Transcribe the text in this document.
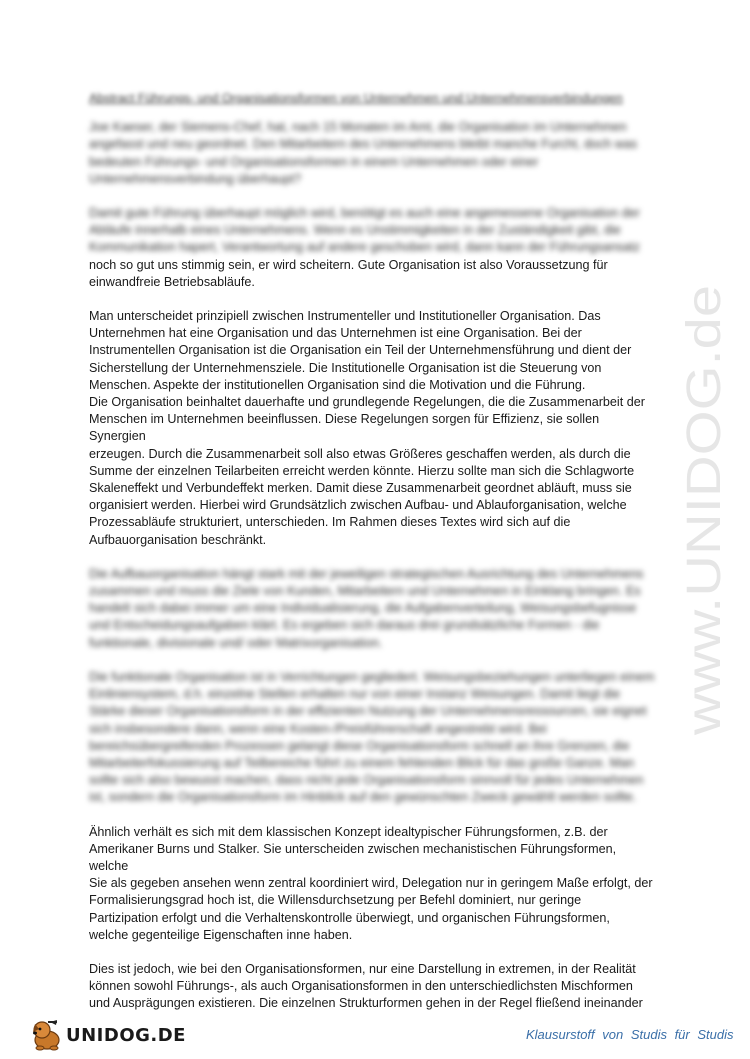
www.UNIDOG.de
Abstract Führungs- und Organisationsformen von Unternehmen und Unternehmensverbindungen

Joe Kaeser, der Siemens-Chef, hat, nach 15 Monaten im Amt, die Organisation im Unternehmen angefasst und neu geordnet. Den Mitarbeitern des Unternehmens bleibt manche Furcht, doch was bedeuten Führungs- und Organisationsformen in einem Unternehmen oder einer Unternehmensverbindung überhaupt?

Damit gute Führung überhaupt möglich wird, benötigt es auch eine angemessene Organisation der Abläufe innerhalb eines Unternehmens. Wenn es Unstimmigkeiten in der Zuständigkeit gibt, die Kommunikation hapert, Verantwortung auf andere geschoben wird, dann kann der Führungsansatz

noch so gut uns stimmig sein, er wird scheitern. Gute Organisation ist also Voraussetzung für

einwandfreie Betriebsabläufe.

Man unterscheidet prinzipiell zwischen Instrumenteller und Institutioneller Organisation. Das

Unternehmen hat eine Organisation und das Unternehmen ist eine Organisation. Bei der

Instrumentellen Organisation ist die Organisation ein Teil der Unternehmensführung und dient der

Sicherstellung der Unternehmensziele. Die Institutionelle Organisation ist die Steuerung von

Menschen. Aspekte der institutionellen Organisation sind die Motivation und die Führung.

Die Organisation beinhaltet dauerhafte und grundlegende Regelungen, die die Zusammenarbeit der

Menschen im Unternehmen beeinflussen. Diese Regelungen sorgen für Effizienz, sie sollen Synergien

erzeugen. Durch die Zusammenarbeit soll also etwas Größeres geschaffen werden, als durch die

Summe der einzelnen Teilarbeiten erreicht werden könnte. Hierzu sollte man sich die Schlagworte

Skaleneffekt und Verbundeffekt merken. Damit diese Zusammenarbeit geordnet abläuft, muss sie

organisiert werden. Hierbei wird Grundsätzlich zwischen Aufbau- und Ablauforganisation, welche

Prozessabläufe strukturiert, unterschieden. Im Rahmen dieses Textes wird sich auf die

Aufbauorganisation beschränkt.

Die Aufbauorganisation hängt stark mit der jeweiligen strategischen Ausrichtung des Unternehmens zusammen und muss die Ziele von Kunden, Mitarbeitern und Unternehmen in Einklang bringen. Es handelt sich dabei immer um eine Individualisierung, die Aufgabenverteilung, Weisungsbefugnisse und Entscheidungsaufgaben klärt. Es ergeben sich daraus drei grundsätzliche Formen - die funktionale, divisionale und/ oder Matrixorganisation.

Die funktionale Organisation ist in Verrichtungen gegliedert. Weisungsbeziehungen unterliegen einem Einliniensystem, d.h. einzelne Stellen erhalten nur von einer Instanz Weisungen. Damit liegt die Stärke dieser Organisationsform in der effizienten Nutzung der Unternehmensressourcen, sie eignet sich insbesondere dann, wenn eine Kosten-/Preisführerschaft angestrebt wird. Bei bereichsübergreifenden Prozessen gelangt diese Organisationsform schnell an ihre Grenzen, die Mitarbeiterfokussierung auf Teilbereiche führt zu einem fehlenden Blick für das große Ganze. Man sollte sich also bewusst machen, dass nicht jede Organisationsform sinnvoll für jedes Unternehmen ist, sondern die Organisationsform im Hinblick auf den gewünschten Zweck gewählt werden sollte.

Ähnlich verhält es sich mit dem klassischen Konzept idealtypischer Führungsformen, z.B. der

Amerikaner Burns und Stalker. Sie unterscheiden zwischen mechanistischen Führungsformen, welche

Sie als gegeben ansehen wenn zentral koordiniert wird, Delegation nur in geringem Maße erfolgt, der

Formalisierungsgrad hoch ist, die Willensdurchsetzung per Befehl dominiert, nur geringe

Partizipation erfolgt und die Verhaltenskontrolle überwiegt, und organischen Führungsformen,

welche gegenteilige Eigenschaften inne haben.

Dies ist jedoch, wie bei den Organisationsformen, nur eine Darstellung in extremen, in der Realität

können sowohl Führungs-, als auch Organisationsformen in den unterschiedlichsten Mischformen

und Ausprägungen existieren. Die einzelnen Strukturformen gehen in der Regel fließend ineinander

UNIDOG.DE	Klausurstoff von Studis für Studis
